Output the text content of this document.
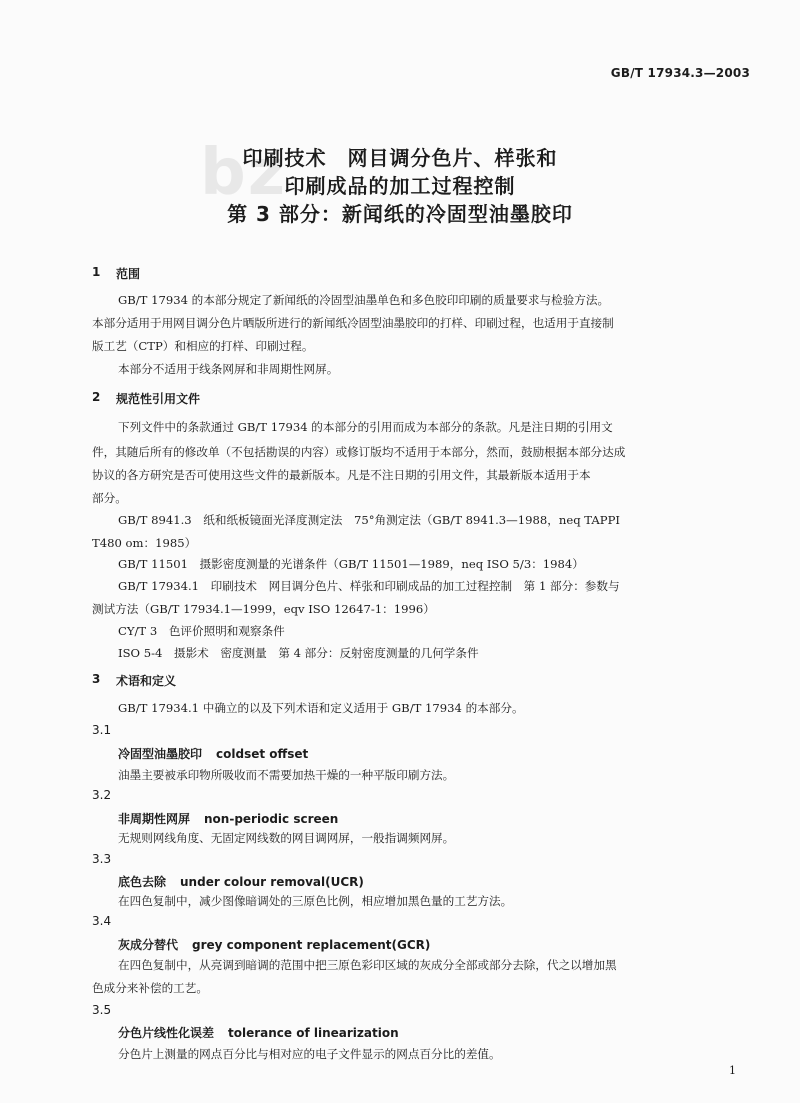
GB/T 17934.3—2003
bz
印刷技术　网目调分色片、样张和
印刷成品的加工过程控制
第 3 部分：新闻纸的冷固型油墨胶印
1 范围
GB/T 17934 的本部分规定了新闻纸的冷固型油墨单色和多色胶印印刷的质量要求与检验方法。
本部分适用于用网目调分色片晒版所进行的新闻纸冷固型油墨胶印的打样、印刷过程，也适用于直接制
版工艺（CTP）和相应的打样、印刷过程。
本部分不适用于线条网屏和非周期性网屏。
2 规范性引用文件
下列文件中的条款通过 GB/T 17934 的本部分的引用而成为本部分的条款。凡是注日期的引用文
件，其随后所有的修改单（不包括勘误的内容）或修订版均不适用于本部分，然而，鼓励根据本部分达成
协议的各方研究是否可使用这些文件的最新版本。凡是不注日期的引用文件，其最新版本适用于本
部分。
GB/T 8941.3　纸和纸板镜面光泽度测定法　75°角测定法（GB/T 8941.3—1988，neq TAPPI
T480 om：1985）
GB/T 11501　摄影密度测量的光谱条件（GB/T 11501—1989，neq ISO 5/3：1984）
GB/T 17934.1　印刷技术　网目调分色片、样张和印刷成品的加工过程控制　第 1 部分：参数与
测试方法（GB/T 17934.1—1999，eqv ISO 12647-1：1996）
CY/T 3　色评价照明和观察条件
ISO 5-4　摄影术　密度测量　第 4 部分：反射密度测量的几何学条件
3 术语和定义
GB/T 17934.1 中确立的以及下列术语和定义适用于 GB/T 17934 的本部分。
3.1
冷固型油墨胶印 coldset offset
油墨主要被承印物所吸收而不需要加热干燥的一种平版印刷方法。
3.2
非周期性网屏 non-periodic screen
无规则网线角度、无固定网线数的网目调网屏，一般指调频网屏。
3.3
底色去除 under colour removal(UCR)
在四色复制中，减少图像暗调处的三原色比例，相应增加黑色量的工艺方法。
3.4
灰成分替代 grey component replacement(GCR)
在四色复制中，从亮调到暗调的范围中把三原色彩印区域的灰成分全部或部分去除，代之以增加黑
色成分来补偿的工艺。
3.5
分色片线性化误差 tolerance of linearization
分色片上测量的网点百分比与相对应的电子文件显示的网点百分比的差值。
1
